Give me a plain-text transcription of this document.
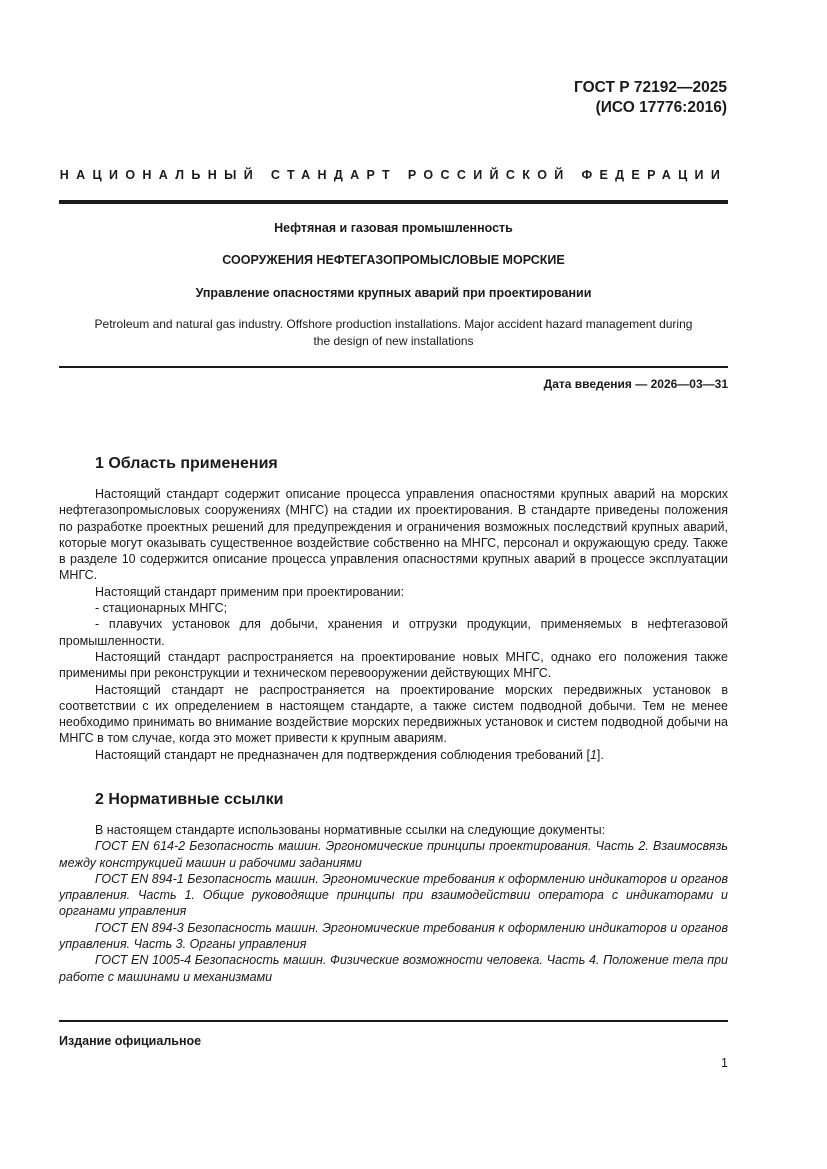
ГОСТ Р 72192—2025
(ИСО 17776:2016)
НАЦИОНАЛЬНЫЙ СТАНДАРТ РОССИЙСКОЙ ФЕДЕРАЦИИ
Нефтяная и газовая промышленность
СООРУЖЕНИЯ НЕФТЕГАЗОПРОМЫСЛОВЫЕ МОРСКИЕ
Управление опасностями крупных аварий при проектировании
Petroleum and natural gas industry. Offshore production installations. Major accident hazard management during
the design of new installations
Дата введения — 2026—03—31
1 Область применения

Настоящий стандарт содержит описание процесса управления опасностями крупных аварий на морских нефтегазопромысловых сооружениях (МНГС) на стадии их проектирования. В стандарте приведены положения по разработке проектных решений для предупреждения и ограничения возможных последствий крупных аварий, которые могут оказывать существенное воздействие собственно на МНГС, персонал и окружающую среду. Также в разделе 10 содержится описание процесса управления опасностями крупных аварий в процессе эксплуатации МНГС.

Настоящий стандарт применим при проектировании:

- стационарных МНГС;

- плавучих установок для добычи, хранения и отгрузки продукции, применяемых в нефтегазовой промышленности.

Настоящий стандарт распространяется на проектирование новых МНГС, однако его положения также применимы при реконструкции и техническом перевооружении действующих МНГС.

Настоящий стандарт не распространяется на проектирование морских передвижных установок в соответствии с их определением в настоящем стандарте, а также систем подводной добычи. Тем не менее необходимо принимать во внимание воздействие морских передвижных установок и систем подводной добычи на МНГС в том случае, когда это может привести к крупным авариям.

Настоящий стандарт не предназначен для подтверждения соблюдения требований [1].

2 Нормативные ссылки

В настоящем стандарте использованы нормативные ссылки на следующие документы:

ГОСТ EN 614-2 Безопасность машин. Эргономические принципы проектирования. Часть 2. Взаимосвязь между конструкцией машин и рабочими заданиями

ГОСТ EN 894-1 Безопасность машин. Эргономические требования к оформлению индикаторов и органов управления. Часть 1. Общие руководящие принципы при взаимодействии оператора с индикаторами и органами управления

ГОСТ EN 894-3 Безопасность машин. Эргономические требования к оформлению индикаторов и органов управления. Часть 3. Органы управления

ГОСТ EN 1005-4 Безопасность машин. Физические возможности человека. Часть 4. Положение тела при работе с машинами и механизмами

Издание официальное
1
